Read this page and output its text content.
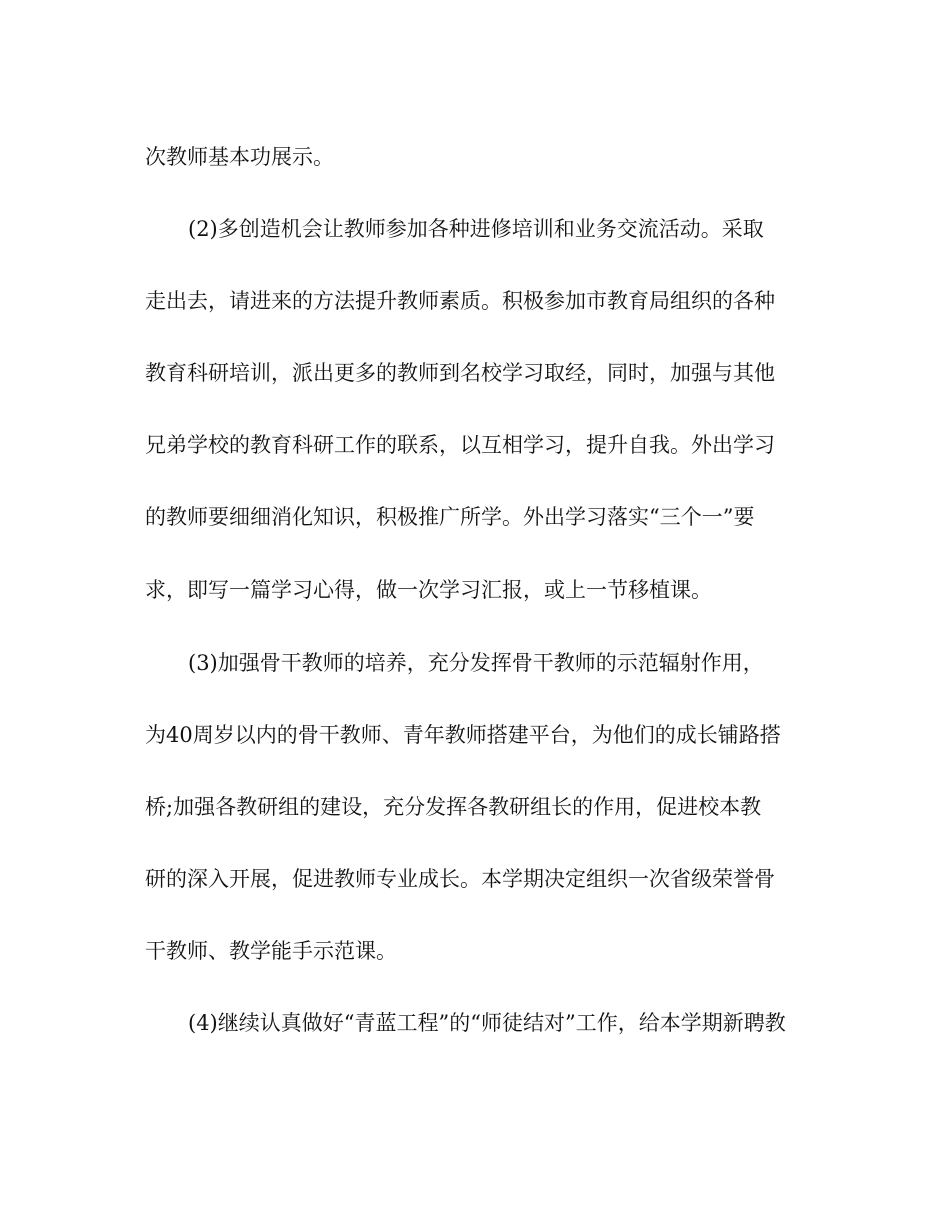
次教师基本功展示。

(2)多创造机会让教师参加各种进修培训和业务交流活动。采取

走出去，请进来的方法提升教师素质。积极参加市教育局组织的各种

教育科研培训，派出更多的教师到名校学习取经，同时，加强与其他

兄弟学校的教育科研工作的联系，以互相学习，提升自我。外出学习

的教师要细细消化知识，积极推广所学。外出学习落实“三个一”要

求，即写一篇学习心得，做一次学习汇报，或上一节移植课。

(3)加强骨干教师的培养，充分发挥骨干教师的示范辐射作用，

为40周岁以内的骨干教师、青年教师搭建平台，为他们的成长铺路搭

桥;加强各教研组的建设，充分发挥各教研组长的作用，促进校本教

研的深入开展，促进教师专业成长。本学期决定组织一次省级荣誉骨

干教师、教学能手示范课。

(4)继续认真做好“青蓝工程”的“师徒结对”工作，给本学期新聘教
